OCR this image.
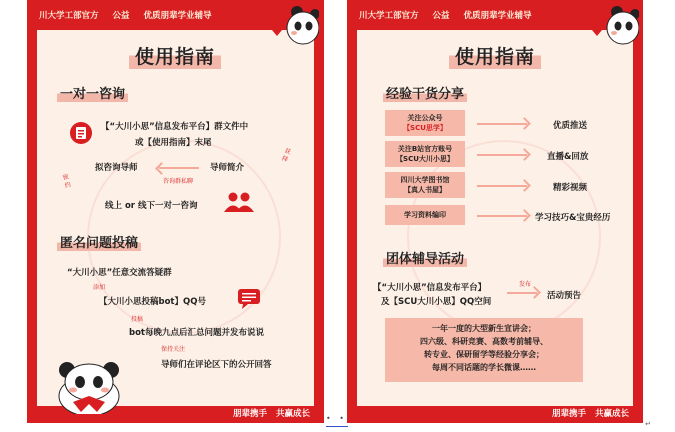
川大学工部官方 公益 优质朋辈学业辅导
使用指南
一对一咨询
【“大川小思”信息发布平台】群文件中
或【使用指南】末尾
拟咨询导师	导师简介
获择
咨询群私聊
预约
线上 or 线下一对一咨询
匿名问题投稿
“大川小思”任意交流答疑群
添加
【大川小思投稿bot】QQ号
投稿
bot每晚九点后汇总问题并发布说说
保持关注
导师们在评论区下的公开回答
朋辈携手 共赢成长
川大学工部官方 公益 优质朋辈学业辅导
使用指南
经验干货分享
关注公众号
【SCU思学】	优质推送
关注B站官方账号
【SCU大川小思】	直播&回放
四川大学图书馆
【真人书屋】	精彩视频
学习资料编印	学习技巧&宝贵经历
团体辅导活动
【“大川小思”信息发布平台】
及【SCU大川小思】QQ空间
发布
活动预告
一年一度的大型新生宣讲会；
四六级、科研竞赛、高数考前辅导、
转专业、保研留学等经验分享会；
每周不同话题的学长微课……
朋辈携手 共赢成长
• •
↵
